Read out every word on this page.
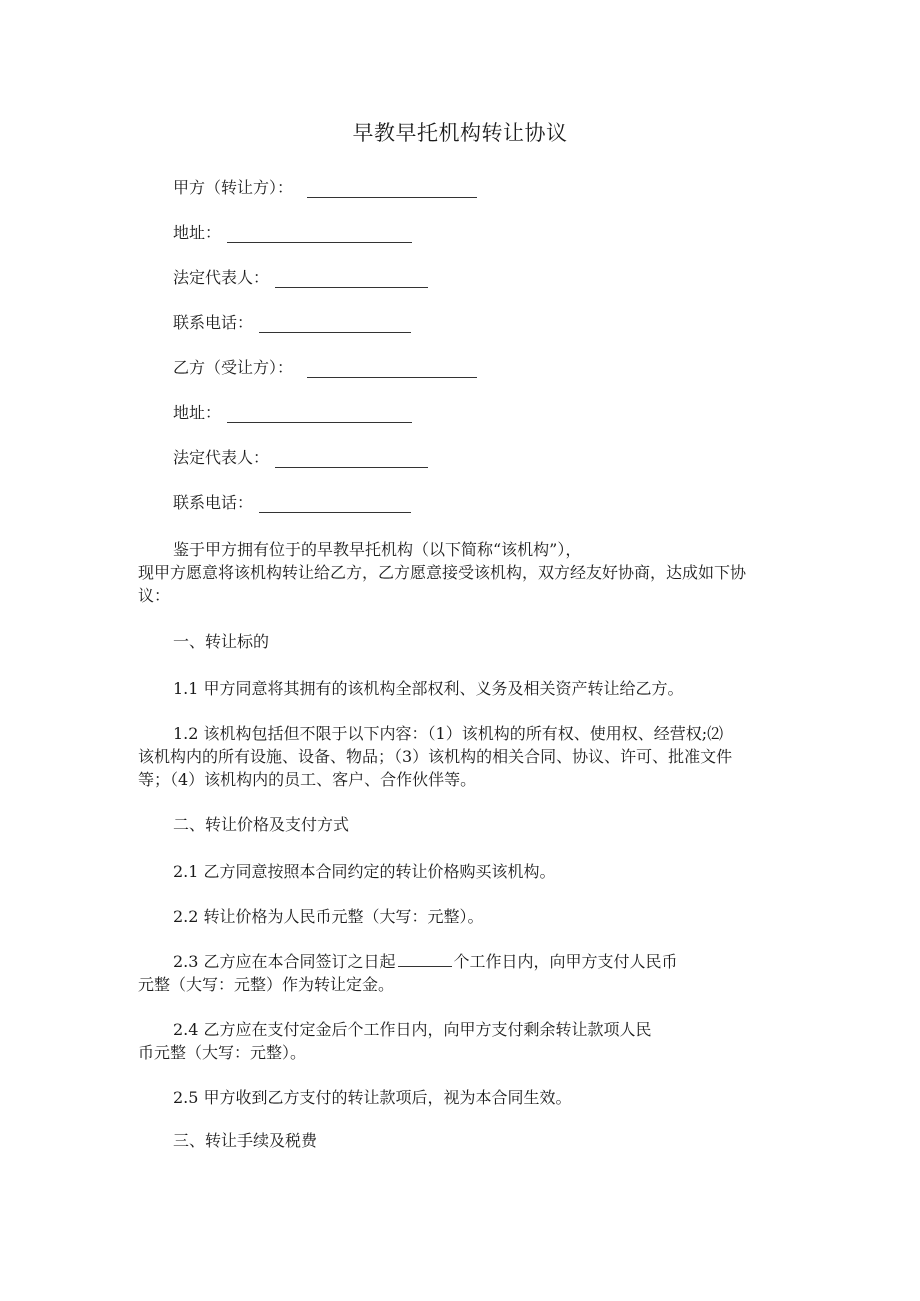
早教早托机构转让协议
甲方（转让方）：
地址：
法定代表人：
联系电话：
乙方（受让方）：
地址：
法定代表人：
联系电话：
鉴于甲方拥有位于的早教早托机构（以下简称“该机构”），
现甲方愿意将该机构转让给乙方，乙方愿意接受该机构，双方经友好协商，达成如下协
议：
一、转让标的
1.1 甲方同意将其拥有的该机构全部权利、义务及相关资产转让给乙方。
1.2 该机构包括但不限于以下内容：（1）该机构的所有权、使用权、经营权;⑵
该机构内的所有设施、设备、物品；（3）该机构的相关合同、协议、许可、批准文件
等；（4）该机构内的员工、客户、合作伙伴等。
二、转让价格及支付方式
2.1 乙方同意按照本合同约定的转让价格购买该机构。
2.2 转让价格为人民币元整（大写：元整）。
2.3 乙方应在本合同签订之日起	个工作日内，向甲方支付人民币
元整（大写：元整）作为转让定金。
2.4 乙方应在支付定金后个工作日内，向甲方支付剩余转让款项人民
币元整（大写：元整）。
2.5 甲方收到乙方支付的转让款项后，视为本合同生效。
三、转让手续及税费
